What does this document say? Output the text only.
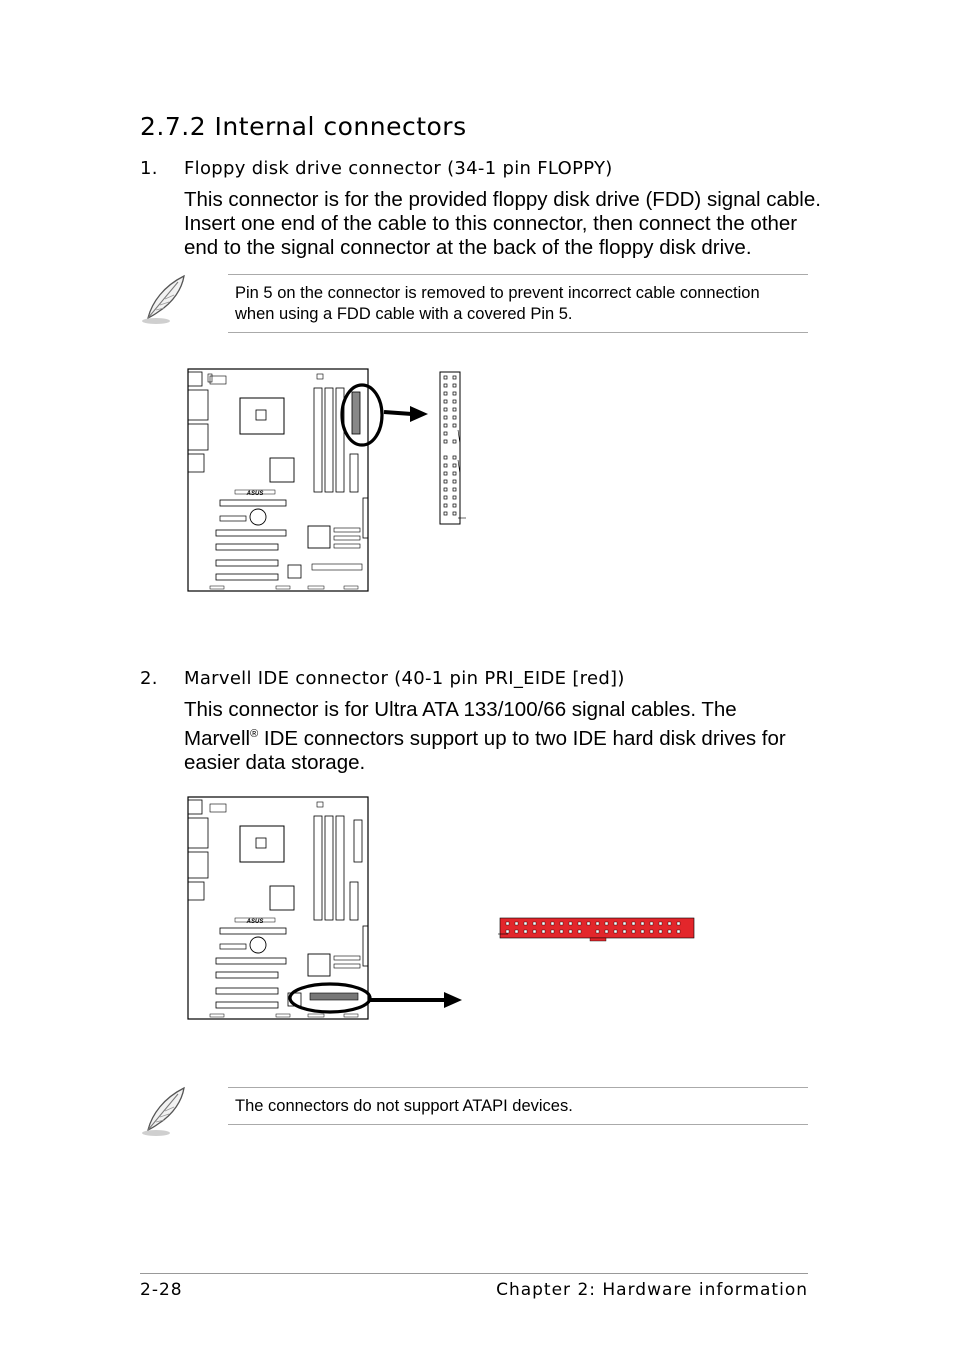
2.7.2 Internal connectors
1. Floppy disk drive connector (34-1 pin FLOPPY)
This connector is for the provided floppy disk drive (FDD) signal cable.
Insert one end of the cable to this connector, then connect the other
end to the signal connector at the back of the floppy disk drive.
Pin 5 on the connector is removed to prevent incorrect cable connection
when using a FDD cable with a covered Pin 5.
ASUS
2. Marvell IDE connector (40-1 pin PRI_EIDE [red])
This connector is for Ultra ATA 133/100/66 signal cables. The
Marvell® IDE connectors support up to two IDE hard disk drives for
easier data storage.
ASUS
The connectors do not support ATAPI devices.
2-28	Chapter 2: Hardware information
